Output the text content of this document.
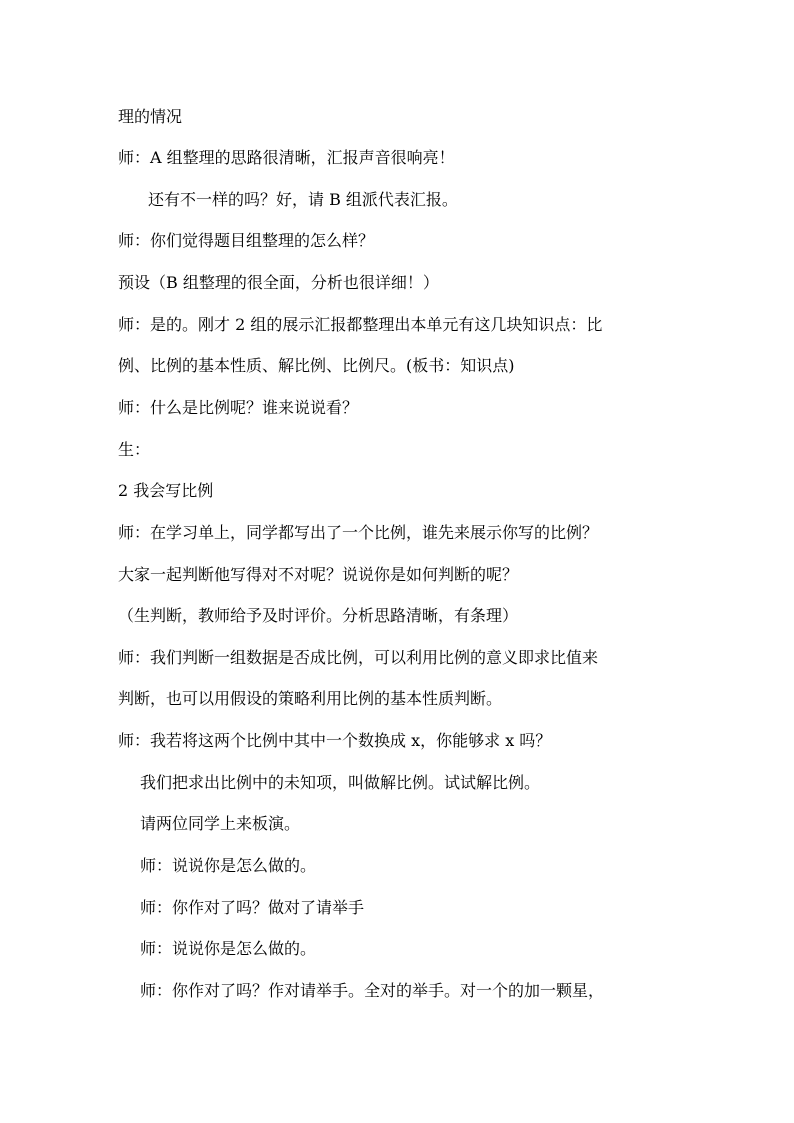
理的情况
师：A 组整理的思路很清晰，汇报声音很响亮！
还有不一样的吗？好，请 B 组派代表汇报。
师：你们觉得题目组整理的怎么样？
预设（B 组整理的很全面，分析也很详细！）
师：是的。刚才 2 组的展示汇报都整理出本单元有这几块知识点：比
例、比例的基本性质、解比例、比例尺。(板书：知识点)
师：什么是比例呢？谁来说说看？
生：
2 我会写比例
师：在学习单上，同学都写出了一个比例，谁先来展示你写的比例？
大家一起判断他写得对不对呢？说说你是如何判断的呢？
（生判断，教师给予及时评价。分析思路清晰，有条理）
师：我们判断一组数据是否成比例，可以利用比例的意义即求比值来
判断，也可以用假设的策略利用比例的基本性质判断。
师：我若将这两个比例中其中一个数换成 x，你能够求 x 吗？
我们把求出比例中的未知项，叫做解比例。试试解比例。
请两位同学上来板演。
师：说说你是怎么做的。
师：你作对了吗？做对了请举手
师：说说你是怎么做的。
师：你作对了吗？作对请举手。全对的举手。对一个的加一颗星，
